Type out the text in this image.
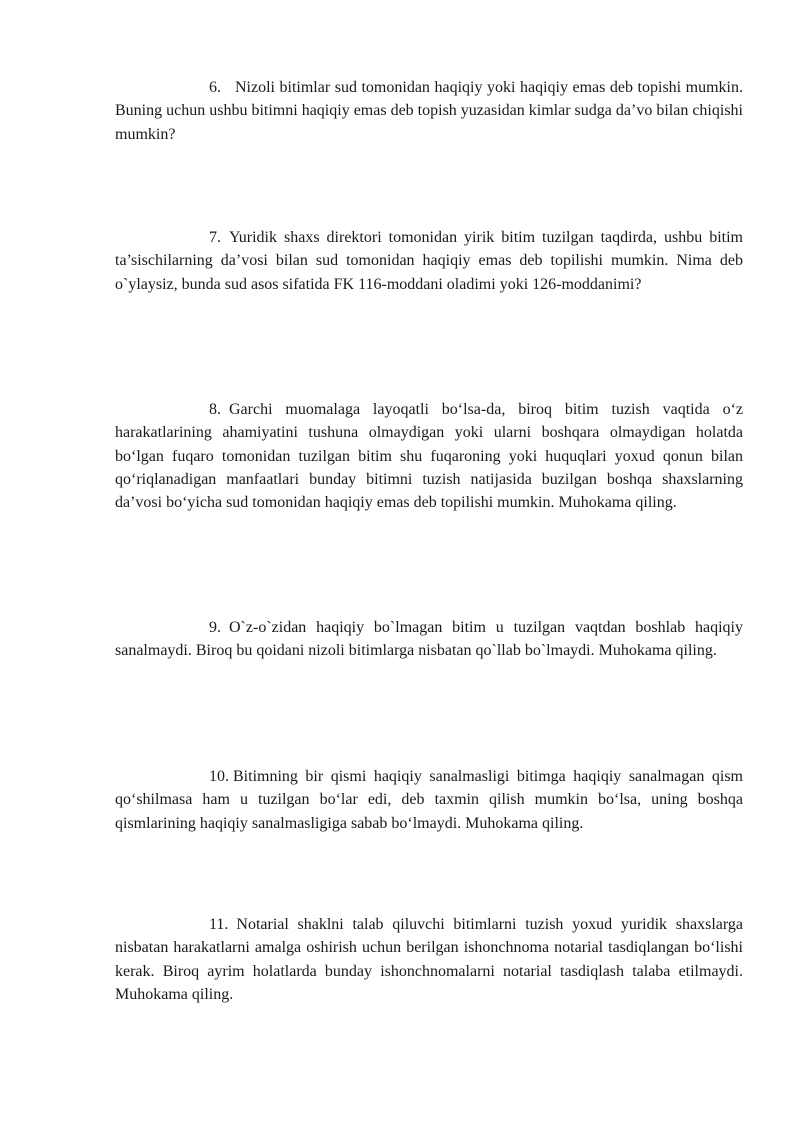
6. Nizoli bitimlar sud tomonidan haqiqiy yoki haqiqiy emas deb topishi mumkin. Buning uchun ushbu bitimni haqiqiy emas deb topish yuzasidan kimlar sudga da’vo bilan chiqishi mumkin?

7. Yuridik shaxs direktori tomonidan yirik bitim tuzilgan taqdirda, ushbu bitim ta’sischilarning da’vosi bilan sud tomonidan haqiqiy emas deb topilishi mumkin. Nima deb o`ylaysiz, bunda sud asos sifatida FK 116-moddani oladimi yoki 126-moddanimi?

8. Garchi muomalaga layoqatli bo‘lsa-da, biroq bitim tuzish vaqtida o‘z harakatlarining ahamiyatini tushuna olmaydigan yoki ularni boshqara olmaydigan holatda bo‘lgan fuqaro tomonidan tuzilgan bitim shu fuqaroning yoki huquqlari yoxud qonun bilan qo‘riqlanadigan manfaatlari bunday bitimni tuzish natijasida buzilgan boshqa shaxslarning da’vosi bo‘yicha sud tomonidan haqiqiy emas deb topilishi mumkin. Muhokama qiling.

9. O`z-o`zidan haqiqiy bo`lmagan bitim u tuzilgan vaqtdan boshlab haqiqiy sanalmaydi. Biroq bu qoidani nizoli bitimlarga nisbatan qo`llab bo`lmaydi. Muhokama qiling.

10. Bitimning bir qismi haqiqiy sanalmasligi bitimga haqiqiy sanalmagan qism qo‘shilmasa ham u tuzilgan bo‘lar edi, deb taxmin qilish mumkin bo‘lsa, uning boshqa qismlarining haqiqiy sanalmasligiga sabab bo‘lmaydi. Muhokama qiling.

11. Notarial shaklni talab qiluvchi bitimlarni tuzish yoxud yuridik shaxslarga nisbatan harakatlarni amalga oshirish uchun berilgan ishonchnoma notarial tasdiqlangan bo‘lishi kerak. Biroq ayrim holatlarda bunday ishonchnomalarni notarial tasdiqlash talaba etilmaydi. Muhokama qiling.
